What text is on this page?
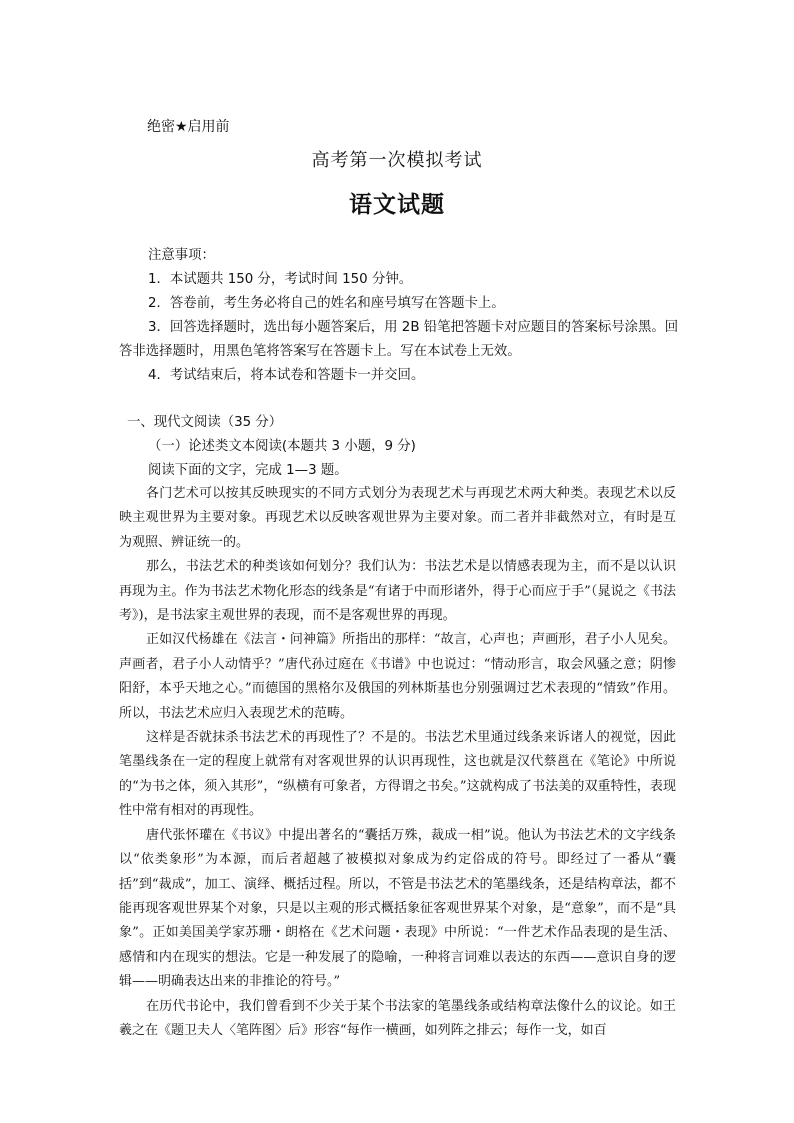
绝密★启用前
高考第一次模拟考试
语文试题
注意事项：
1．本试题共 150 分，考试时间 150 分钟。
2．答卷前，考生务必将自己的姓名和座号填写在答题卡上。
3．回答选择题时，选出每小题答案后，用 2B 铅笔把答题卡对应题目的答案标号涂黑。回答非选择题时，用黑色笔将答案写在答题卡上。写在本试卷上无效。
4．考试结束后，将本试卷和答题卡一并交回。
一、现代文阅读（35 分）
（一）论述类文本阅读(本题共 3 小题，9 分)
阅读下面的文字，完成 1—3 题。

各门艺术可以按其反映现实的不同方式划分为表现艺术与再现艺术两大种类。表现艺术以反映主观世界为主要对象。再现艺术以反映客观世界为主要对象。而二者并非截然对立，有时是互为观照、辨证统一的。

那么，书法艺术的种类该如何划分？我们认为：书法艺术是以情感表现为主，而不是以认识再现为主。作为书法艺术物化形态的线条是“有诸于中而形诸外，得于心而应于手”（晁说之《书法考》)，是书法家主观世界的表现，而不是客观世界的再现。

正如汉代杨雄在《法言・问神篇》所指出的那样：“故言，心声也；声画形，君子小人见矣。声画者，君子小人动情乎？”唐代孙过庭在《书谱》中也说过：“情动形言，取会风骚之意；阴惨阳舒，本乎天地之心。”而德国的黑格尔及俄国的列林斯基也分别强调过艺术表现的“情致”作用。所以，书法艺术应归入表现艺术的范畴。

这样是否就抹杀书法艺术的再现性了？不是的。书法艺术里通过线条来诉诸人的视觉，因此笔墨线条在一定的程度上就常有对客观世界的认识再现性，这也就是汉代蔡邕在《笔论》中所说的“为书之体，须入其形”，“纵横有可象者，方得谓之书矣。”这就构成了书法美的双重特性，表现性中常有相对的再现性。

唐代张怀瓘在《书议》中提出著名的“囊括万殊，裁成一相”说。他认为书法艺术的文字线条以“依类象形”为本源，而后者超越了被模拟对象成为约定俗成的符号。即经过了一番从“囊括”到“裁成”，加工、演绎、概括过程。所以，不管是书法艺术的笔墨线条，还是结构章法，都不能再现客观世界某个对象，只是以主观的形式概括象征客观世界某个对象，是“意象”，而不是“具象”。正如美国美学家苏珊・朗格在《艺术问题・表现》中所说：“一件艺术作品表现的是生活、感情和内在现实的想法。它是一种发展了的隐喻，一种将言词难以表达的东西——意识自身的逻辑——明确表达出来的非推论的符号。”

在历代书论中，我们曾看到不少关于某个书法家的笔墨线条或结构章法像什么的议论。如王羲之在《题卫夫人〈笔阵图〉后》形容“每作一横画，如列阵之排云；每作一戈，如百
